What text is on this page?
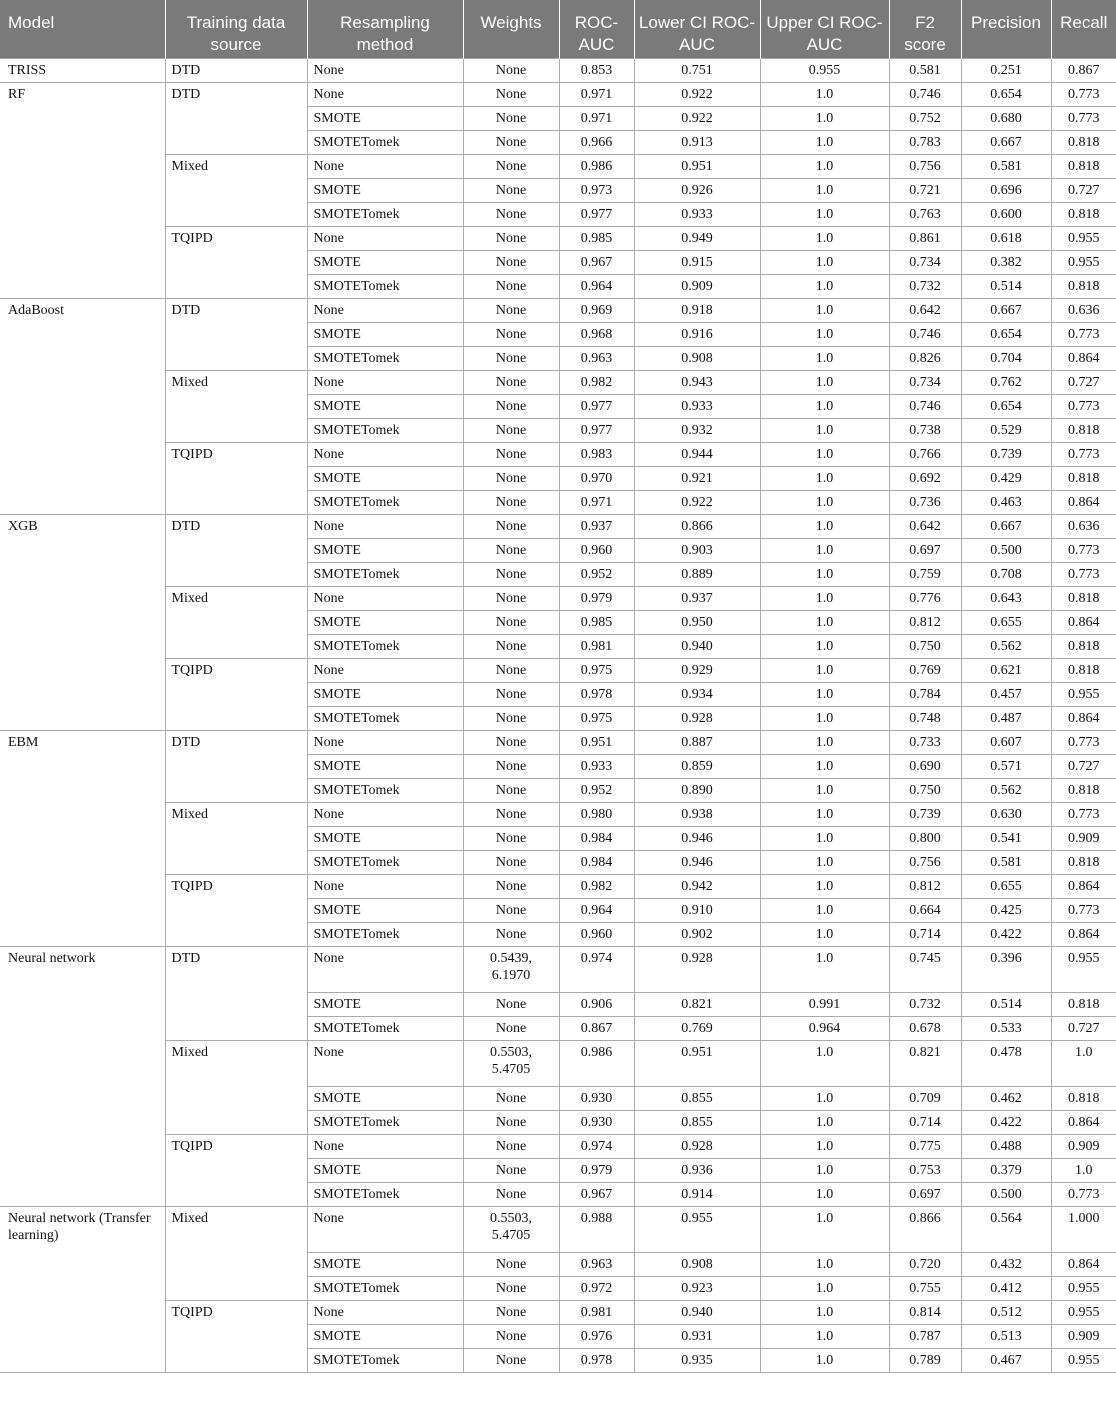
Model	Training data source	Resampling method	Weights	ROC-AUC	Lower CI ROC-AUC	Upper CI ROC-AUC	F2 score	Precision	Recall
TRISS	DTD	None	None	0.853	0.751	0.955	0.581	0.251	0.867
RF	DTD	None	None	0.971	0.922	1.0	0.746	0.654	0.773
		SMOTE	None	0.971	0.922	1.0	0.752	0.680	0.773
		SMOTETomek	None	0.966	0.913	1.0	0.783	0.667	0.818
	Mixed	None	None	0.986	0.951	1.0	0.756	0.581	0.818
		SMOTE	None	0.973	0.926	1.0	0.721	0.696	0.727
		SMOTETomek	None	0.977	0.933	1.0	0.763	0.600	0.818
	TQIPD	None	None	0.985	0.949	1.0	0.861	0.618	0.955
		SMOTE	None	0.967	0.915	1.0	0.734	0.382	0.955
		SMOTETomek	None	0.964	0.909	1.0	0.732	0.514	0.818
AdaBoost	DTD	None	None	0.969	0.918	1.0	0.642	0.667	0.636
		SMOTE	None	0.968	0.916	1.0	0.746	0.654	0.773
		SMOTETomek	None	0.963	0.908	1.0	0.826	0.704	0.864
	Mixed	None	None	0.982	0.943	1.0	0.734	0.762	0.727
		SMOTE	None	0.977	0.933	1.0	0.746	0.654	0.773
		SMOTETomek	None	0.977	0.932	1.0	0.738	0.529	0.818
	TQIPD	None	None	0.983	0.944	1.0	0.766	0.739	0.773
		SMOTE	None	0.970	0.921	1.0	0.692	0.429	0.818
		SMOTETomek	None	0.971	0.922	1.0	0.736	0.463	0.864
XGB	DTD	None	None	0.937	0.866	1.0	0.642	0.667	0.636
		SMOTE	None	0.960	0.903	1.0	0.697	0.500	0.773
		SMOTETomek	None	0.952	0.889	1.0	0.759	0.708	0.773
	Mixed	None	None	0.979	0.937	1.0	0.776	0.643	0.818
		SMOTE	None	0.985	0.950	1.0	0.812	0.655	0.864
		SMOTETomek	None	0.981	0.940	1.0	0.750	0.562	0.818
	TQIPD	None	None	0.975	0.929	1.0	0.769	0.621	0.818
		SMOTE	None	0.978	0.934	1.0	0.784	0.457	0.955
		SMOTETomek	None	0.975	0.928	1.0	0.748	0.487	0.864
EBM	DTD	None	None	0.951	0.887	1.0	0.733	0.607	0.773
		SMOTE	None	0.933	0.859	1.0	0.690	0.571	0.727
		SMOTETomek	None	0.952	0.890	1.0	0.750	0.562	0.818
	Mixed	None	None	0.980	0.938	1.0	0.739	0.630	0.773
		SMOTE	None	0.984	0.946	1.0	0.800	0.541	0.909
		SMOTETomek	None	0.984	0.946	1.0	0.756	0.581	0.818
	TQIPD	None	None	0.982	0.942	1.0	0.812	0.655	0.864
		SMOTE	None	0.964	0.910	1.0	0.664	0.425	0.773
		SMOTETomek	None	0.960	0.902	1.0	0.714	0.422	0.864
Neural network	DTD	None	0.5439, 6.1970	0.974	0.928	1.0	0.745	0.396	0.955
		SMOTE	None	0.906	0.821	0.991	0.732	0.514	0.818
		SMOTETomek	None	0.867	0.769	0.964	0.678	0.533	0.727
	Mixed	None	0.5503, 5.4705	0.986	0.951	1.0	0.821	0.478	1.0
		SMOTE	None	0.930	0.855	1.0	0.709	0.462	0.818
		SMOTETomek	None	0.930	0.855	1.0	0.714	0.422	0.864
	TQIPD	None	None	0.974	0.928	1.0	0.775	0.488	0.909
		SMOTE	None	0.979	0.936	1.0	0.753	0.379	1.0
		SMOTETomek	None	0.967	0.914	1.0	0.697	0.500	0.773
Neural network (Transfer learning)	Mixed	None	0.5503, 5.4705	0.988	0.955	1.0	0.866	0.564	1.000
		SMOTE	None	0.963	0.908	1.0	0.720	0.432	0.864
		SMOTETomek	None	0.972	0.923	1.0	0.755	0.412	0.955
	TQIPD	None	None	0.981	0.940	1.0	0.814	0.512	0.955
		SMOTE	None	0.976	0.931	1.0	0.787	0.513	0.909
		SMOTETomek	None	0.978	0.935	1.0	0.789	0.467	0.955
